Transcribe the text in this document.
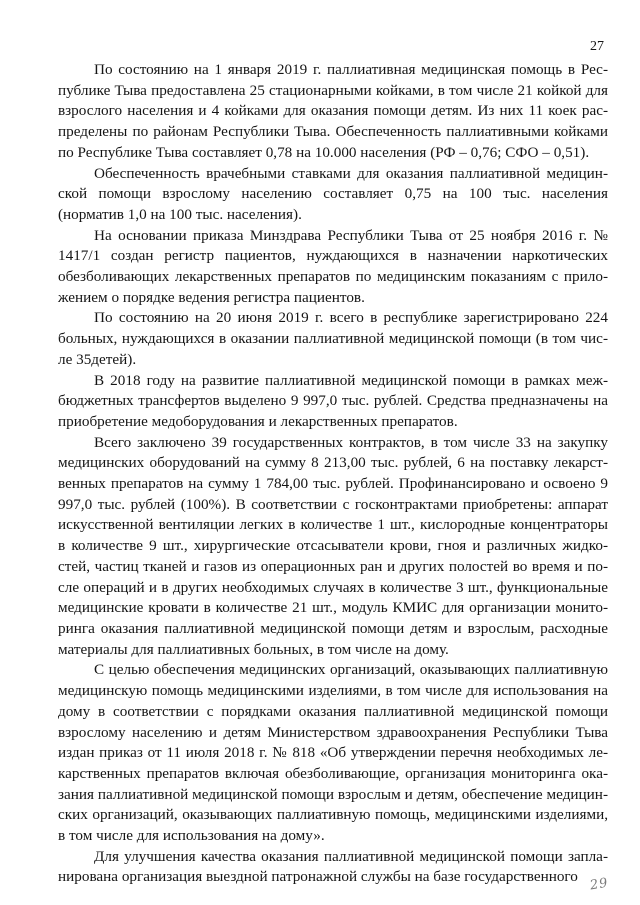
27

По состоянию на 1 января 2019 г. паллиативная медицинская помощь в Республике Тыва предоставлена 25 стационарными койками, в том числе 21 койкой для взрослого населения и 4 койками для оказания помощи детям. Из них 11 коек распределены по районам Республики Тыва. Обеспеченность паллиативными койками по Республике Тыва составляет 0,78 на 10.000 населения (РФ – 0,76; СФО – 0,51).

Обеспеченность врачебными ставками для оказания паллиативной медицинской помощи взрослому населению составляет 0,75 на 100 тыс. населения (норматив 1,0 на 100 тыс. населения).

На основании приказа Минздрава Республики Тыва от 25 ноября 2016 г. № 1417/1 создан регистр пациентов, нуждающихся в назначении наркотических обезболивающих лекарственных препаратов по медицинским показаниям с приложением о порядке ведения регистра пациентов.

По состоянию на 20 июня 2019 г. всего в республике зарегистрировано 224 больных, нуждающихся в оказании паллиативной медицинской помощи (в том числе 35детей).

В 2018 году на развитие паллиативной медицинской помощи в рамках межбюджетных трансфертов выделено 9 997,0 тыс. рублей. Средства предназначены на приобретение медоборудования и лекарственных препаратов.

Всего заключено 39 государственных контрактов, в том числе 33 на закупку медицинских оборудований на сумму 8 213,00 тыс. рублей, 6 на поставку лекарственных препаратов на сумму 1 784,00 тыс. рублей. Профинансировано и освоено 9 997,0 тыс. рублей (100%). В соответствии с госконтрактами приобретены: аппарат искусственной вентиляции легких в количестве 1 шт., кислородные концентраторы в количестве 9 шт., хирургические отсасыватели крови, гноя и различных жидкостей, частиц тканей и газов из операционных ран и других полостей во время и после операций и в других необходимых случаях в количестве 3 шт., функциональные медицинские кровати в количестве 21 шт., модуль КМИС для организации мониторинга оказания паллиативной медицинской помощи детям и взрослым, расходные материалы для паллиативных больных, в том числе на дому.

С целью обеспечения медицинских организаций, оказывающих паллиативную медицинскую помощь медицинскими изделиями, в том числе для использования на дому в соответствии с порядками оказания паллиативной медицинской помощи взрослому населению и детям Министерством здравоохранения Республики Тыва издан приказ от 11 июля 2018 г. № 818 «Об утверждении перечня необходимых лекарственных препаратов включая обезболивающие, организация мониторинга оказания паллиативной медицинской помощи взрослым и детям, обеспечение медицинских организаций, оказывающих паллиативную помощь, медицинскими изделиями, в том числе для использования на дому».

Для улучшения качества оказания паллиативной медицинской помощи запланирована организация выездной патронажной службы на базе государственного 29
